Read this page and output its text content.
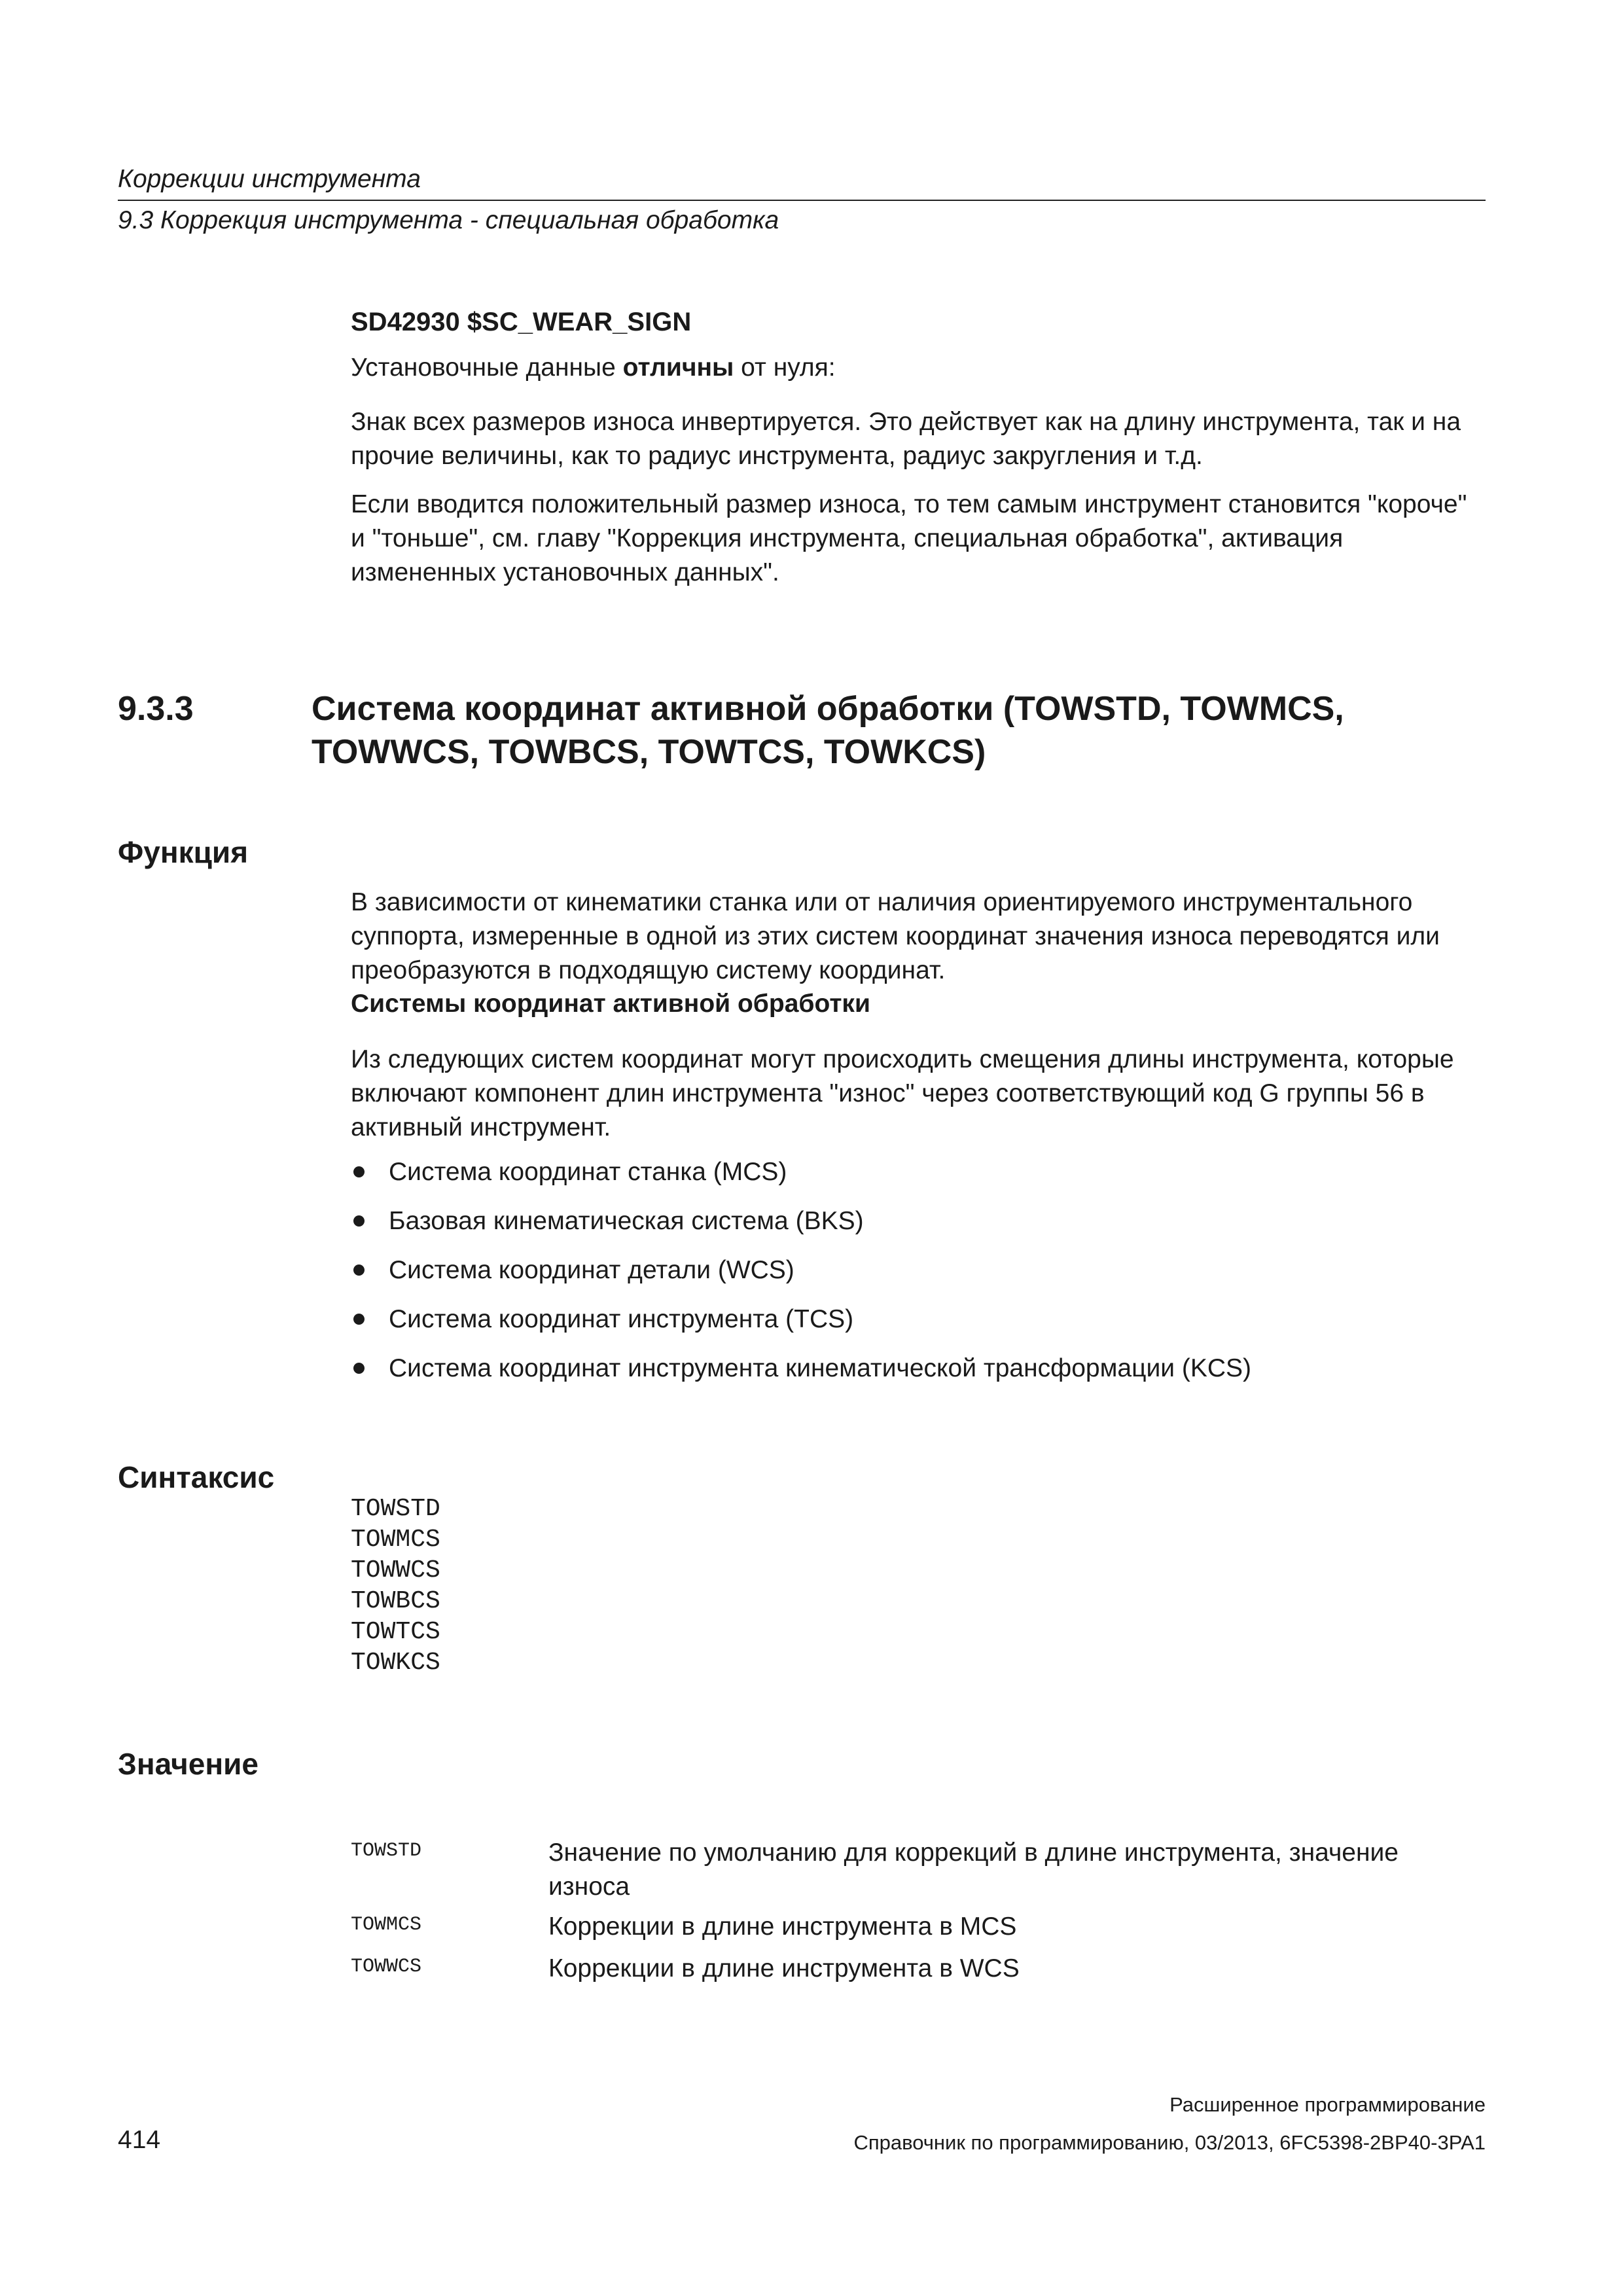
Коррекции инструмента
9.3 Коррекция инструмента - специальная обработка
SD42930 $SC_WEAR_SIGN
Установочные данные отличны от нуля:
Знак всех размеров износа инвертируется. Это действует как на длину инструмента, так и на прочие величины, как то радиус инструмента, радиус закругления и т.д.
Если вводится положительный размер износа, то тем самым инструмент становится "короче" и "тоньше", см. главу "Коррекция инструмента, специальная обработка", активация измененных установочных данных".
9.3.3	Система координат активной обработки (TOWSTD, TOWMCS, TOWWCS, TOWBCS, TOWTCS, TOWKCS)
Функция
В зависимости от кинематики станка или от наличия ориентируемого инструментального суппорта, измеренные в одной из этих систем координат значения износа переводятся или преобразуются в подходящую систему координат.
Системы координат активной обработки
Из следующих систем координат могут происходить смещения длины инструмента, которые включают компонент длин инструмента "износ" через соответствующий код G группы 56 в активный инструмент.
Система координат станка (MCS)
Базовая кинематическая система (BKS)
Система координат детали (WCS)
Система координат инструмента (TCS)
Система координат инструмента кинематической трансформации (KCS)
Синтаксис
TOWSTD
TOWMCS
TOWWCS
TOWBCS
TOWTCS
TOWKCS
Значение
TOWSTD	Значение по умолчанию для коррекций в длине инструмента, значение износа
TOWMCS	Коррекции в длине инструмента в MCS
TOWWCS	Коррекции в длине инструмента в WCS
Расширенное программирование
414	Справочник по программированию, 03/2013, 6FC5398-2BP40-3PA1
